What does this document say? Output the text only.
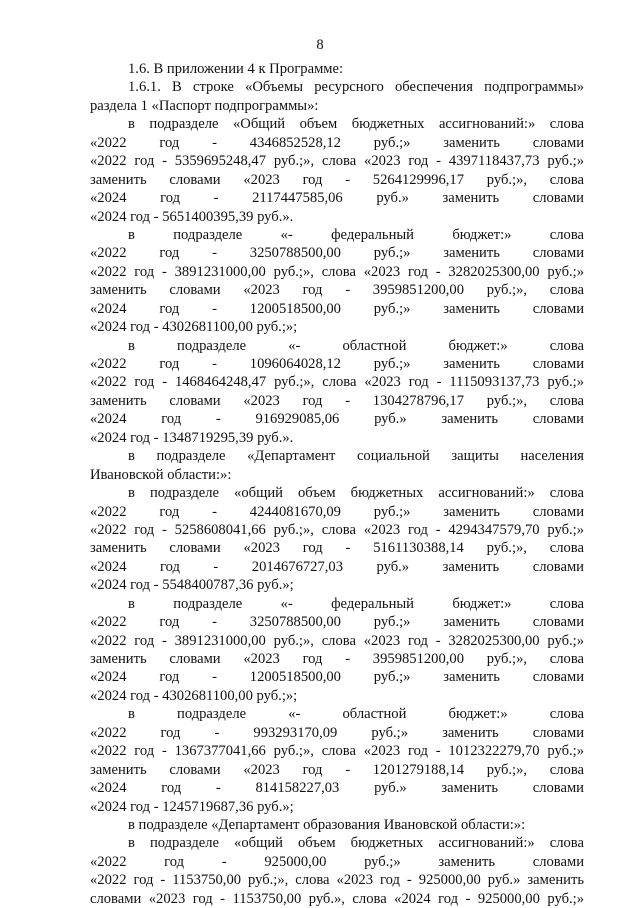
8
1.6. В приложении 4 к Программе:
1.6.1. В строке «Объемы ресурсного обеспечения подпрограммы»
раздела 1 «Паспорт подпрограммы»:
в подразделе «Общий объем бюджетных ассигнований:» слова
«2022 год - 4346852528,12 руб.;» заменить словами
«2022 год - 5359695248,47 руб.;», слова «2023 год - 4397118437,73 руб.;»
заменить словами «2023 год - 5264129996,17 руб.;», слова
«2024 год - 2117447585,06 руб.» заменить словами
«2024 год - 5651400395,39 руб.».
в подразделе «- федеральный бюджет:» слова
«2022 год - 3250788500,00 руб.;» заменить словами
«2022 год - 3891231000,00 руб.;», слова «2023 год - 3282025300,00 руб.;»
заменить словами «2023 год - 3959851200,00 руб.;», слова
«2024 год - 1200518500,00 руб.;» заменить словами
«2024 год - 4302681100,00 руб.;»;
в подразделе «- областной бюджет:» слова
«2022 год - 1096064028,12 руб.;» заменить словами
«2022 год - 1468464248,47 руб.;», слова «2023 год - 1115093137,73 руб.;»
заменить словами «2023 год - 1304278796,17 руб.;», слова
«2024 год - 916929085,06 руб.» заменить словами
«2024 год - 1348719295,39 руб.».
в подразделе «Департамент социальной защиты населения
Ивановской области:»:
в подразделе «общий объем бюджетных ассигнований:» слова
«2022 год - 4244081670,09 руб.;» заменить словами
«2022 год - 5258608041,66 руб.;», слова «2023 год - 4294347579,70 руб.;»
заменить словами «2023 год - 5161130388,14 руб.;», слова
«2024 год - 2014676727,03 руб.» заменить словами
«2024 год - 5548400787,36 руб.»;
в подразделе «- федеральный бюджет:» слова
«2022 год - 3250788500,00 руб.;» заменить словами
«2022 год - 3891231000,00 руб.;», слова «2023 год - 3282025300,00 руб.;»
заменить словами «2023 год - 3959851200,00 руб.;», слова
«2024 год - 1200518500,00 руб.;» заменить словами
«2024 год - 4302681100,00 руб.;»;
в подразделе «- областной бюджет:» слова
«2022 год - 993293170,09 руб.;» заменить словами
«2022 год - 1367377041,66 руб.;», слова «2023 год - 1012322279,70 руб.;»
заменить словами «2023 год - 1201279188,14 руб.;», слова
«2024 год - 814158227,03 руб.» заменить словами
«2024 год - 1245719687,36 руб.»;
в подразделе «Департамент образования Ивановской области:»:
в подразделе «общий объем бюджетных ассигнований:» слова
«2022 год - 925000,00 руб.;» заменить словами
«2022 год - 1153750,00 руб.;», слова «2023 год - 925000,00 руб.» заменить
словами «2023 год - 1153750,00 руб.», слова «2024 год - 925000,00 руб.;»
